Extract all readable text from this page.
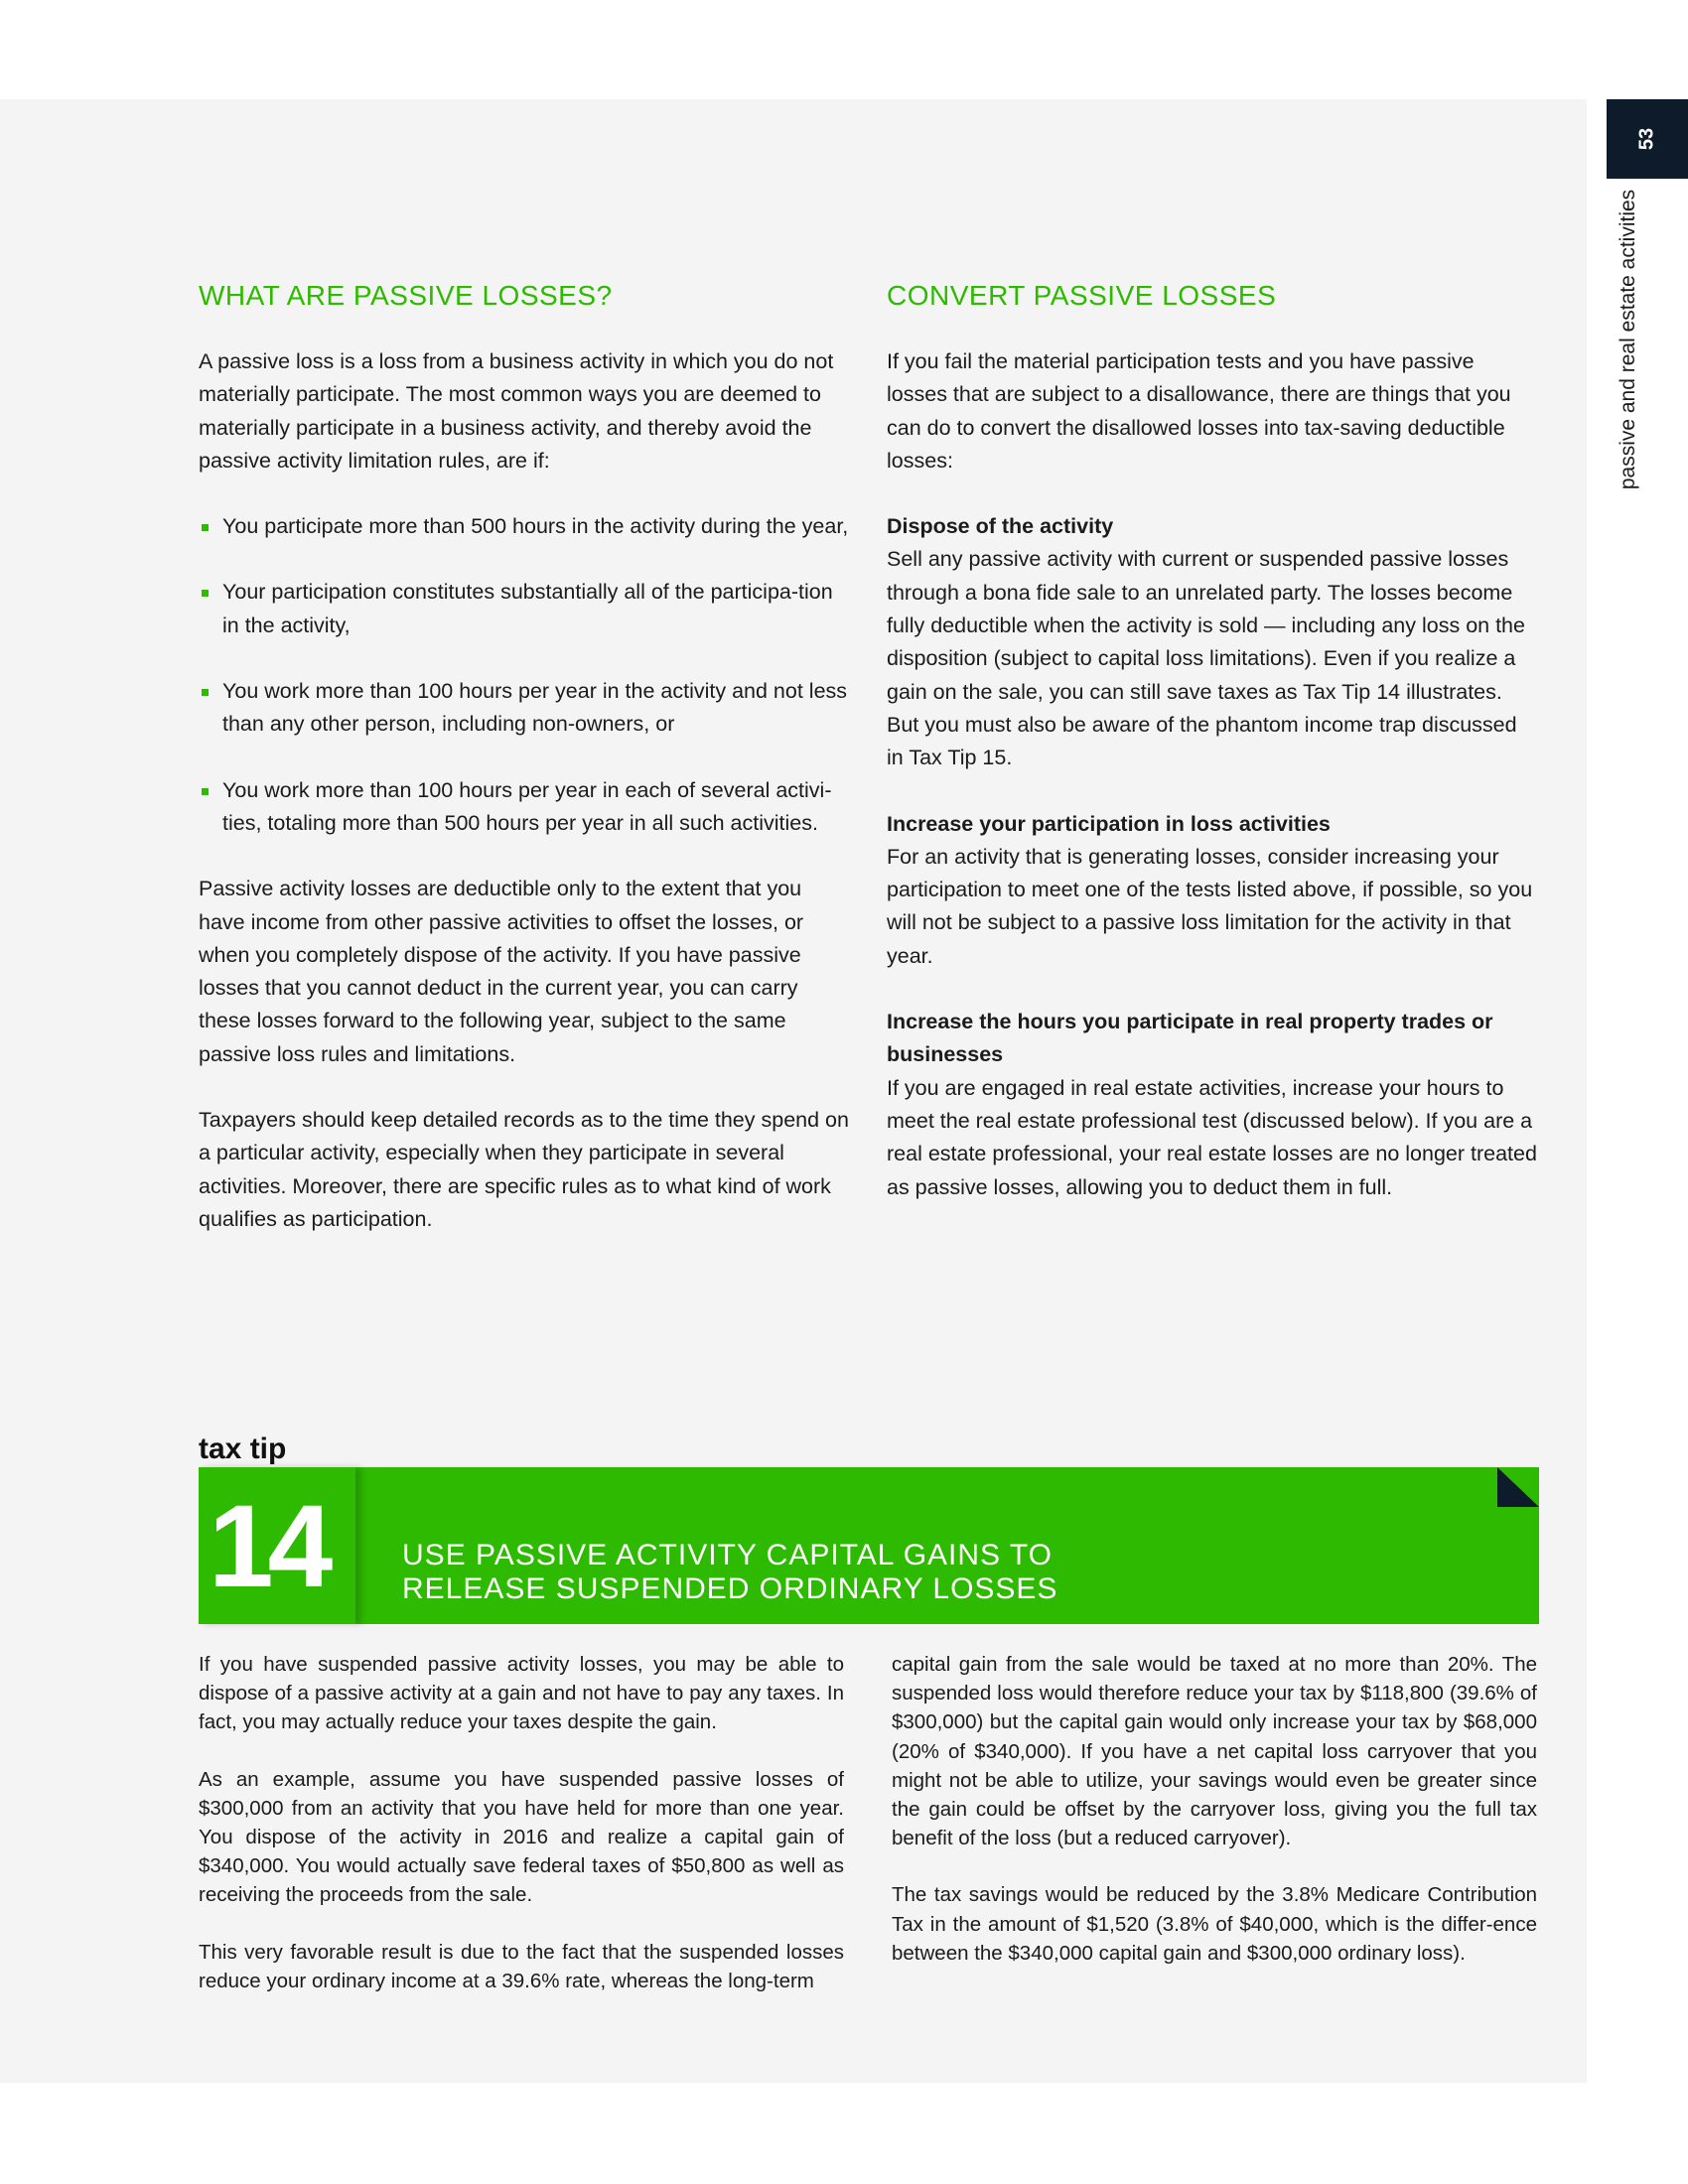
53
passive and real estate activities
WHAT ARE PASSIVE LOSSES?

A passive loss is a loss from a business activity in which you do not materially participate. The most common ways you are deemed to materially participate in a business activity, and thereby avoid the passive activity limitation rules, are if:

You participate more than 500 hours in the activity during the year,
Your participation constitutes substantially all of the participa-tion in the activity,
You work more than 100 hours per year in the activity and not less than any other person, including non-owners, or
You work more than 100 hours per year in each of several activi-ties, totaling more than 500 hours per year in all such activities.

Passive activity losses are deductible only to the extent that you have income from other passive activities to offset the losses, or when you completely dispose of the activity. If you have passive losses that you cannot deduct in the current year, you can carry these losses forward to the following year, subject to the same passive loss rules and limitations.

Taxpayers should keep detailed records as to the time they spend on a particular activity, especially when they participate in several activities. Moreover, there are specific rules as to what kind of work qualifies as participation.

CONVERT PASSIVE LOSSES

If you fail the material participation tests and you have passive losses that are subject to a disallowance, there are things that you can do to convert the disallowed losses into tax-saving deductible losses:

Dispose of the activity

Sell any passive activity with current or suspended passive losses through a bona fide sale to an unrelated party. The losses become fully deductible when the activity is sold — including any loss on the disposition (subject to capital loss limitations). Even if you realize a gain on the sale, you can still save taxes as Tax Tip 14 illustrates. But you must also be aware of the phantom income trap discussed in Tax Tip 15.

Increase your participation in loss activities

For an activity that is generating losses, consider increasing your participation to meet one of the tests listed above, if possible, so you will not be subject to a passive loss limitation for the activity in that year.

Increase the hours you participate in real property trades or businesses

If you are engaged in real estate activities, increase your hours to meet the real estate professional test (discussed below). If you are a real estate professional, your real estate losses are no longer treated as passive losses, allowing you to deduct them in full.

tax tip
14	USE PASSIVE ACTIVITY CAPITAL GAINS TO
RELEASE SUSPENDED ORDINARY LOSSES

If you have suspended passive activity losses, you may be able to dispose of a passive activity at a gain and not have to pay any taxes. In fact, you may actually reduce your taxes despite the gain.

As an example, assume you have suspended passive losses of $300,000 from an activity that you have held for more than one year. You dispose of the activity in 2016 and realize a capital gain of $340,000. You would actually save federal taxes of $50,800 as well as receiving the proceeds from the sale.

This very favorable result is due to the fact that the suspended losses reduce your ordinary income at a 39.6% rate, whereas the long-term

capital gain from the sale would be taxed at no more than 20%. The suspended loss would therefore reduce your tax by $118,800 (39.6% of $300,000) but the capital gain would only increase your tax by $68,000 (20% of $340,000). If you have a net capital loss carryover that you might not be able to utilize, your savings would even be greater since the gain could be offset by the carryover loss, giving you the full tax benefit of the loss (but a reduced carryover).

The tax savings would be reduced by the 3.8% Medicare Contribution Tax in the amount of $1,520 (3.8% of $40,000, which is the differ-ence between the $340,000 capital gain and $300,000 ordinary loss).
